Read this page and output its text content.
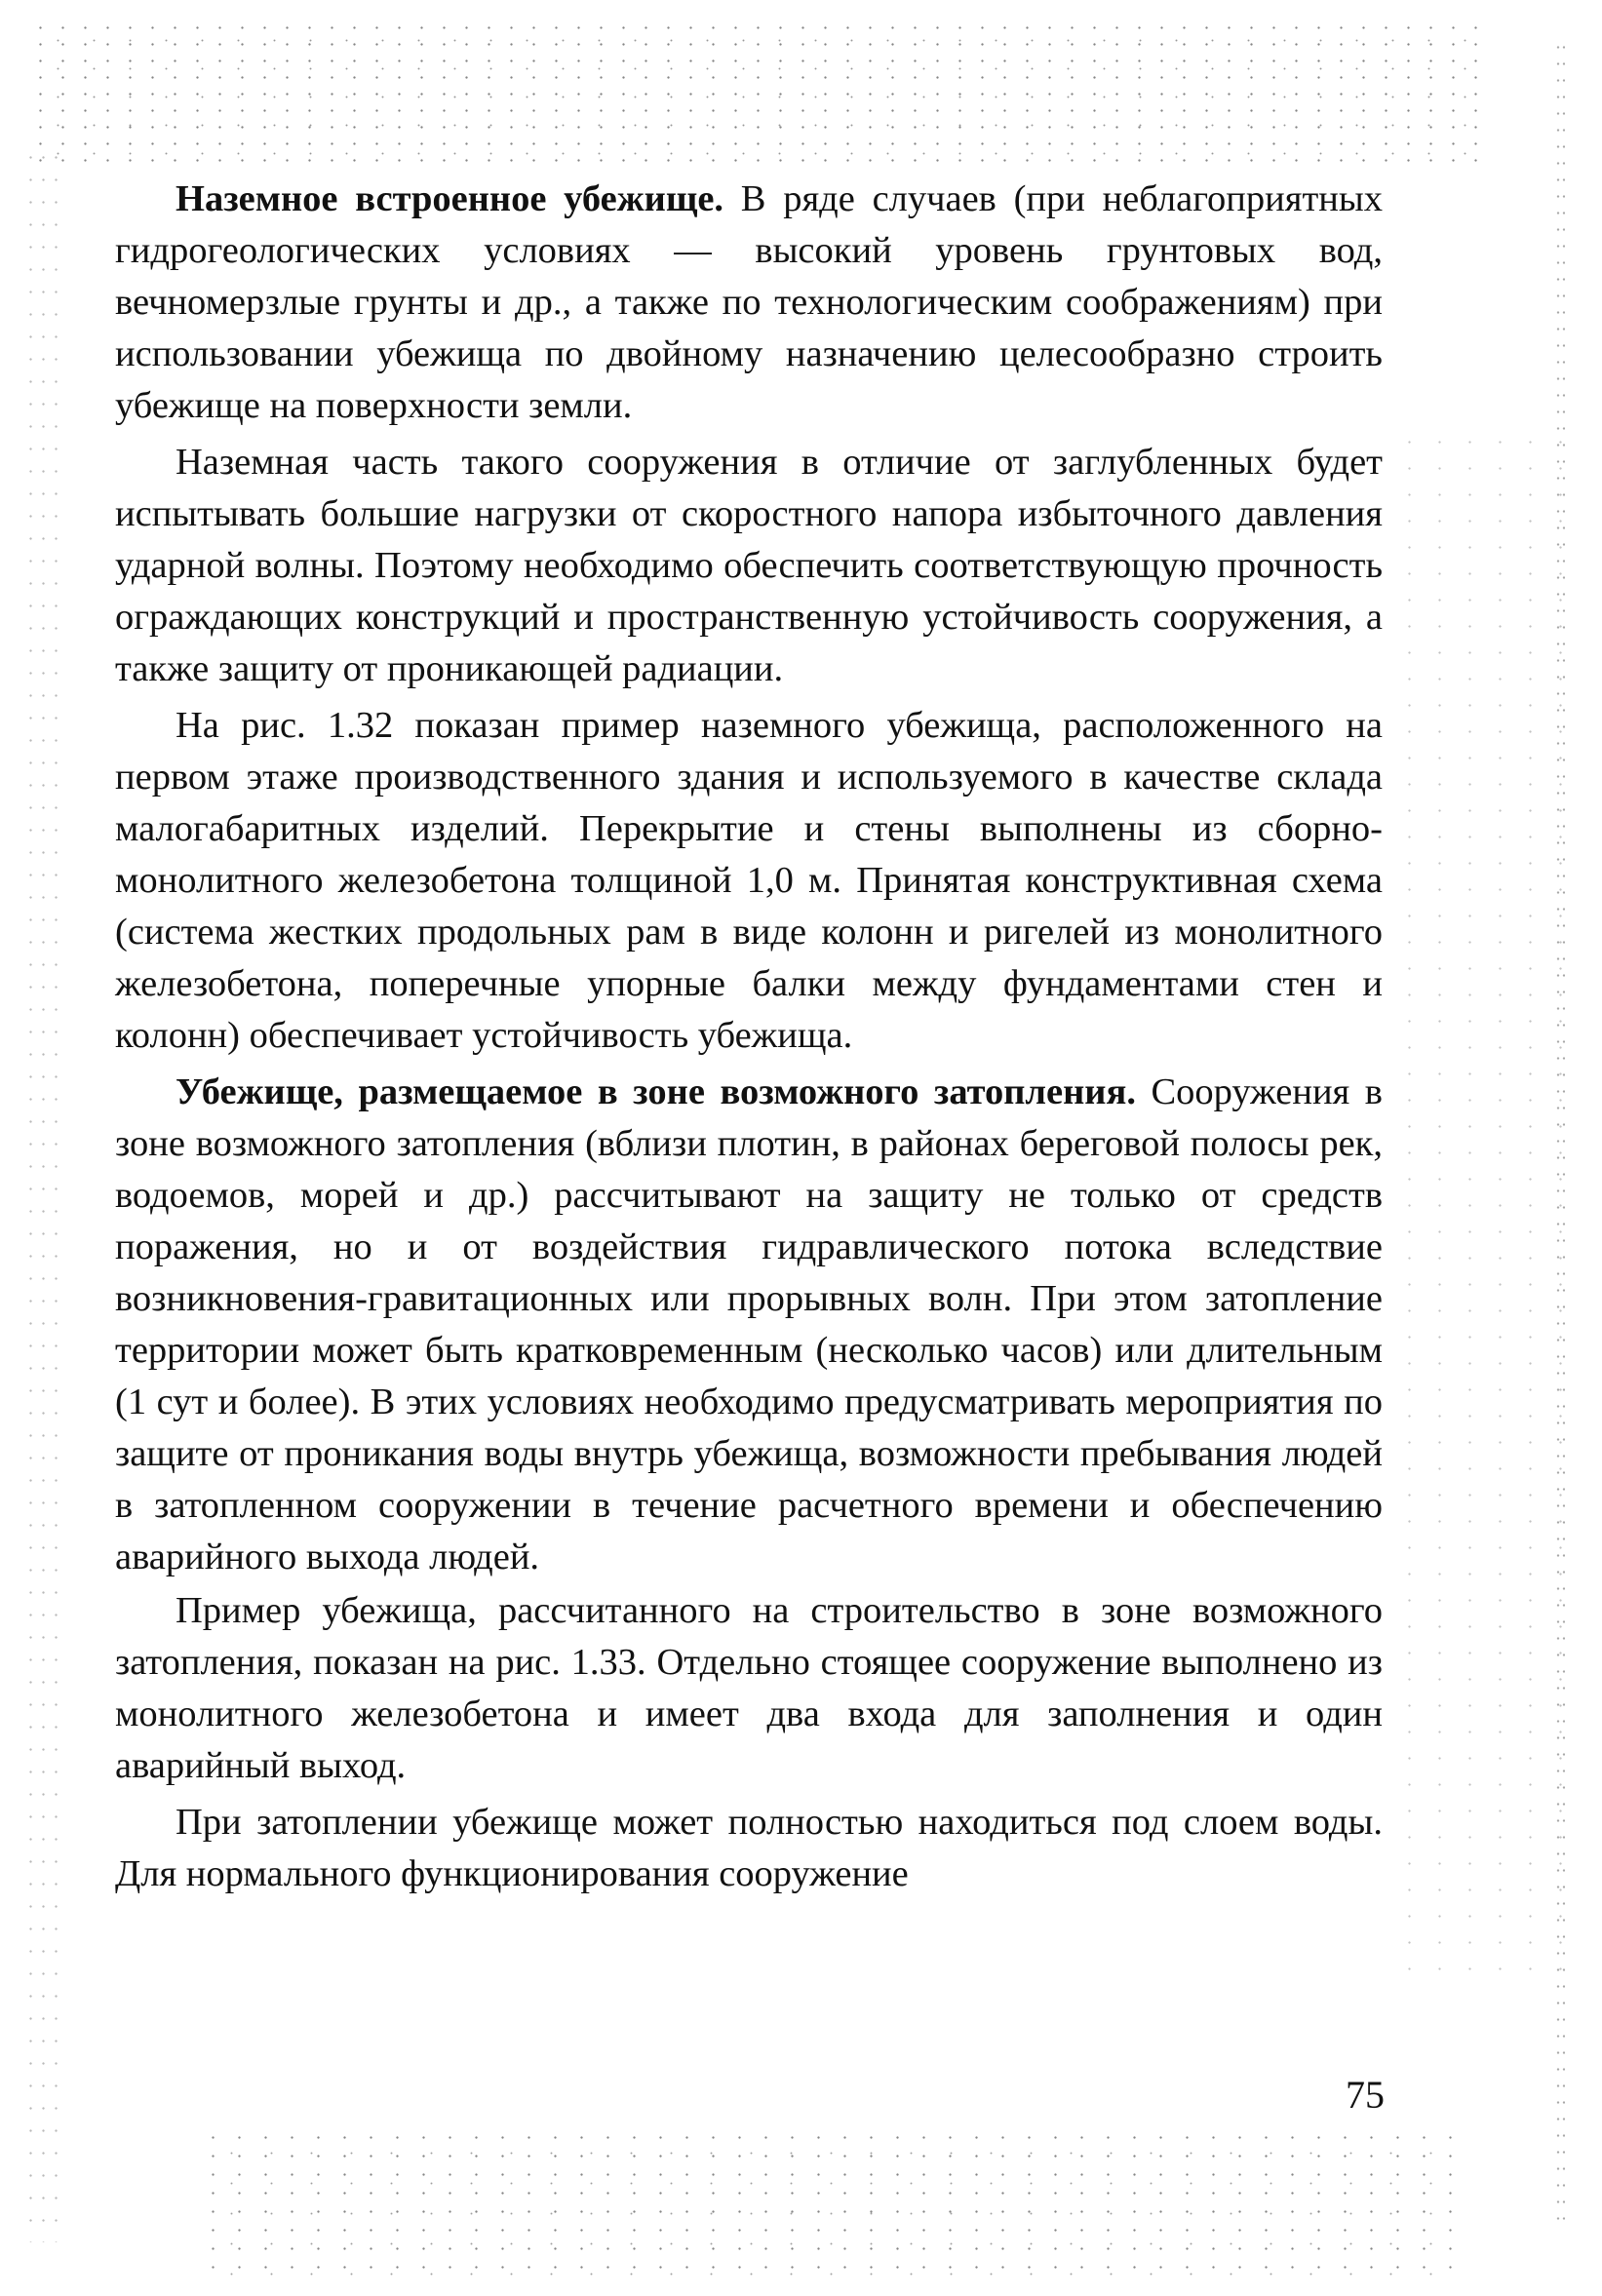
Наземное встроенное убежище. В ряде случаев (при неблагоприятных гидрогеологических условиях — высокий уровень грунтовых вод, вечномерзлые грунты и др., а также по технологическим соображениям) при использовании убежища по двойному назначению целесообразно строить убежище на поверхности земли.

Наземная часть такого сооружения в отличие от заглубленных будет испытывать большие нагрузки от скоростного напора избыточного давления ударной волны. Поэтому необходимо обеспечить соответствующую прочность ограждающих конструкций и пространственную устойчивость сооружения, а также защиту от проникающей радиации.

На рис. 1.32 показан пример наземного убежища, расположенного на первом этаже производственного здания и используемого в качестве склада малогабаритных изделий. Перекрытие и стены выполнены из сборно-монолитного железобетона толщиной 1,0 м. Принятая конструктивная схема (система жестких продольных рам в виде колонн и ригелей из монолитного железобетона, поперечные упорные балки между фундаментами стен и колонн) обеспечивает устойчивость убежища.

Убежище, размещаемое в зоне возможного затопления. Сооружения в зоне возможного затопления (вблизи плотин, в районах береговой полосы рек, водоемов, морей и др.) рассчитывают на защиту не только от средств поражения, но и от воздействия гидравлического потока вследствие возникновения-гравитационных или прорывных волн. При этом затопление территории может быть кратковременным (несколько часов) или длительным (1 сут и более). В этих условиях необходимо предусматривать мероприятия по защите от проникания воды внутрь убежища, возможности пребывания людей в затопленном сооружении в течение расчетного времени и обеспечению аварийного выхода людей.

Пример убежища, рассчитанного на строительство в зоне возможного затопления, показан на рис. 1.33. Отдельно стоящее сооружение выполнено из монолитного железобетона и имеет два входа для заполнения и один аварийный выход.

При затоплении убежище может полностью находиться под слоем воды. Для нормального функционирования сооружение

75
